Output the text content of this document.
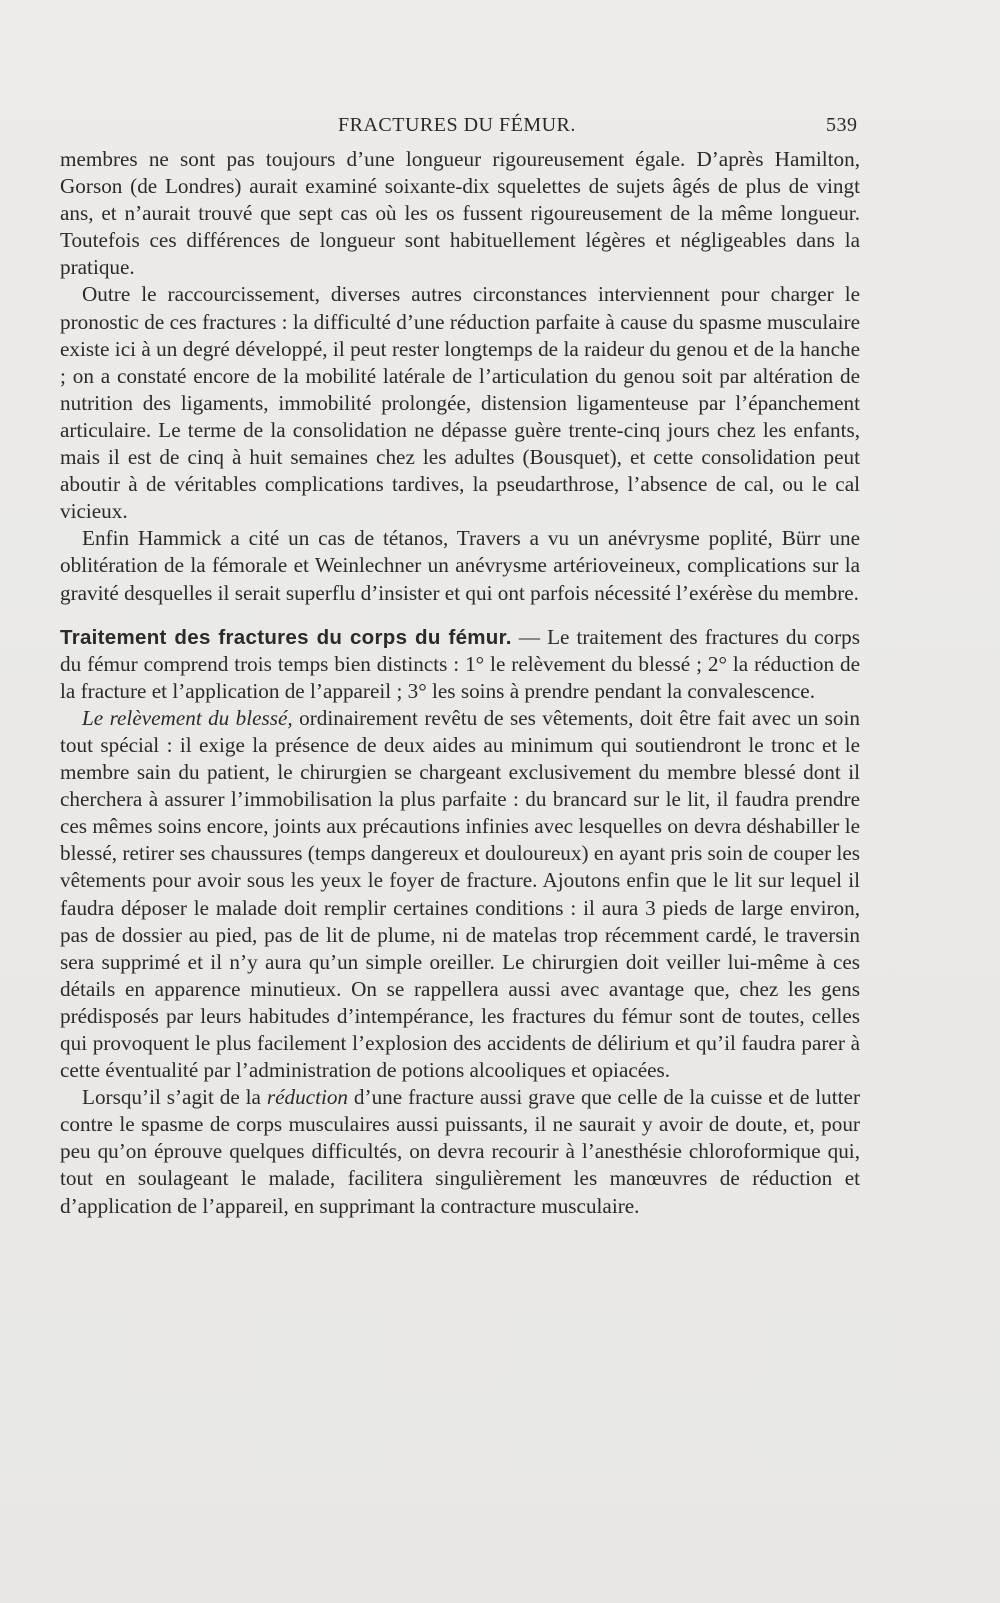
FRACTURES DU FÉMUR.	539

membres ne sont pas toujours d’une longueur rigoureusement égale. D’après Hamilton, Gorson (de Londres) aurait examiné soixante-dix squelettes de sujets âgés de plus de vingt ans, et n’aurait trouvé que sept cas où les os fussent rigoureusement de la même longueur. Toutefois ces différences de longueur sont habituellement légères et négligeables dans la pratique.

Outre le raccourcissement, diverses autres circonstances interviennent pour charger le pronostic de ces fractures : la difficulté d’une réduction parfaite à cause du spasme musculaire existe ici à un degré développé, il peut rester longtemps de la raideur du genou et de la hanche ; on a constaté encore de la mobilité latérale de l’articulation du genou soit par altération de nutrition des ligaments, immobilité prolongée, distension ligamenteuse par l’épanchement articulaire. Le terme de la consolidation ne dépasse guère trente-cinq jours chez les enfants, mais il est de cinq à huit semaines chez les adultes (Bousquet), et cette consolidation peut aboutir à de véritables complications tardives, la pseudarthrose, l’absence de cal, ou le cal vicieux.

Enfin Hammick a cité un cas de tétanos, Travers a vu un anévrysme poplité, Bürr une oblitération de la fémorale et Weinlechner un anévrysme artérioveineux, complications sur la gravité desquelles il serait superflu d’insister et qui ont parfois nécessité l’exérèse du membre.

Traitement des fractures du corps du fémur. — Le traitement des fractures du corps du fémur comprend trois temps bien distincts : 1° le relèvement du blessé ; 2° la réduction de la fracture et l’application de l’appareil ; 3° les soins à prendre pendant la convalescence.

Le relèvement du blessé, ordinairement revêtu de ses vêtements, doit être fait avec un soin tout spécial : il exige la présence de deux aides au minimum qui soutiendront le tronc et le membre sain du patient, le chirurgien se chargeant exclusivement du membre blessé dont il cherchera à assurer l’immobilisation la plus parfaite : du brancard sur le lit, il faudra prendre ces mêmes soins encore, joints aux précautions infinies avec lesquelles on devra déshabiller le blessé, retirer ses chaussures (temps dangereux et douloureux) en ayant pris soin de couper les vêtements pour avoir sous les yeux le foyer de fracture. Ajoutons enfin que le lit sur lequel il faudra déposer le malade doit remplir certaines conditions : il aura 3 pieds de large environ, pas de dossier au pied, pas de lit de plume, ni de matelas trop récemment cardé, le traversin sera supprimé et il n’y aura qu’un simple oreiller. Le chirurgien doit veiller lui-même à ces détails en apparence minutieux. On se rappellera aussi avec avantage que, chez les gens prédisposés par leurs habitudes d’intempérance, les fractures du fémur sont de toutes, celles qui provoquent le plus facilement l’explosion des accidents de délirium et qu’il faudra parer à cette éventualité par l’administration de potions alcooliques et opiacées.

Lorsqu’il s’agit de la réduction d’une fracture aussi grave que celle de la cuisse et de lutter contre le spasme de corps musculaires aussi puissants, il ne saurait y avoir de doute, et, pour peu qu’on éprouve quelques difficultés, on devra recourir à l’anesthésie chloroformique qui, tout en soulageant le malade, facilitera singulièrement les manœuvres de réduction et d’application de l’appareil, en supprimant la contracture musculaire.
